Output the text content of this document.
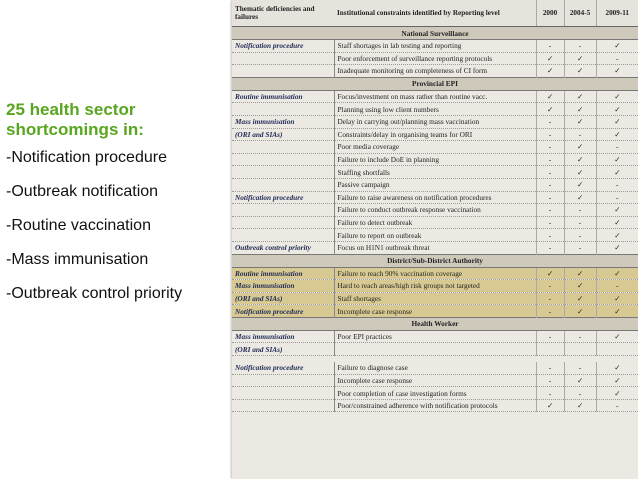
25 health sector shortcomings in:
-Notification procedure
-Outbreak notification
-Routine vaccination
-Mass immunisation
-Outbreak control priority
Thematic deficiencies and failures	Institutional constraints identified by Reporting level	2000	2004-5	2009-11
National Surveillance				
Notification procedure	Staff shortages in lab testing and reporting	-	-	✓
	Poor enforcement of surveillance reporting protocols	✓	✓	-
	Inadequate monitoring on completeness of CI form	✓	✓	✓
Provincial EPI				
Routine immunisation	Focus/investment on mass rather than routine vacc.	✓	✓	✓
	Planning using low client numbers	✓	✓	✓
Mass immunisation	Delay in carrying out/planning mass vaccination	-	✓	✓
(ORI and SIAs)	Constraints/delay in organising teams for ORI	-	-	✓
	Poor media coverage	-	✓	-
	Failure to include DoE in planning	-	✓	✓
	Staffing shortfalls	-	✓	✓
	Passive campaign	-	✓	-
Notification procedure	Failure to raise awareness on notification procedures	-	✓	-
	Failure to conduct outbreak response vaccination	-	-	✓
	Failure to detect outbreak	-	-	✓
	Failure to report on outbreak	-	-	✓
Outbreak control priority	Focus on H1N1 outbreak threat	-	-	✓
District/Sub-District Authority				
Routine immunisation	Failure to reach 90% vaccination coverage	✓	✓	✓
Mass immunisation	Hard to reach areas/high risk groups not targeted	-	✓	-
(ORI and SIAs)	Staff shortages	-	✓	✓
Notification procedure	Incomplete case response	-	✓	✓
Health Worker				
Mass immunisation	Poor EPI practices	-	-	✓
(ORI and SIAs)				

Notification procedure	Failure to diagnose case	-	-	✓
	Incomplete case response	-	✓	✓
	Poor completion of case investigation forms	-	-	✓
	Poor/constrained adherence with notification protocols	✓	✓	-
